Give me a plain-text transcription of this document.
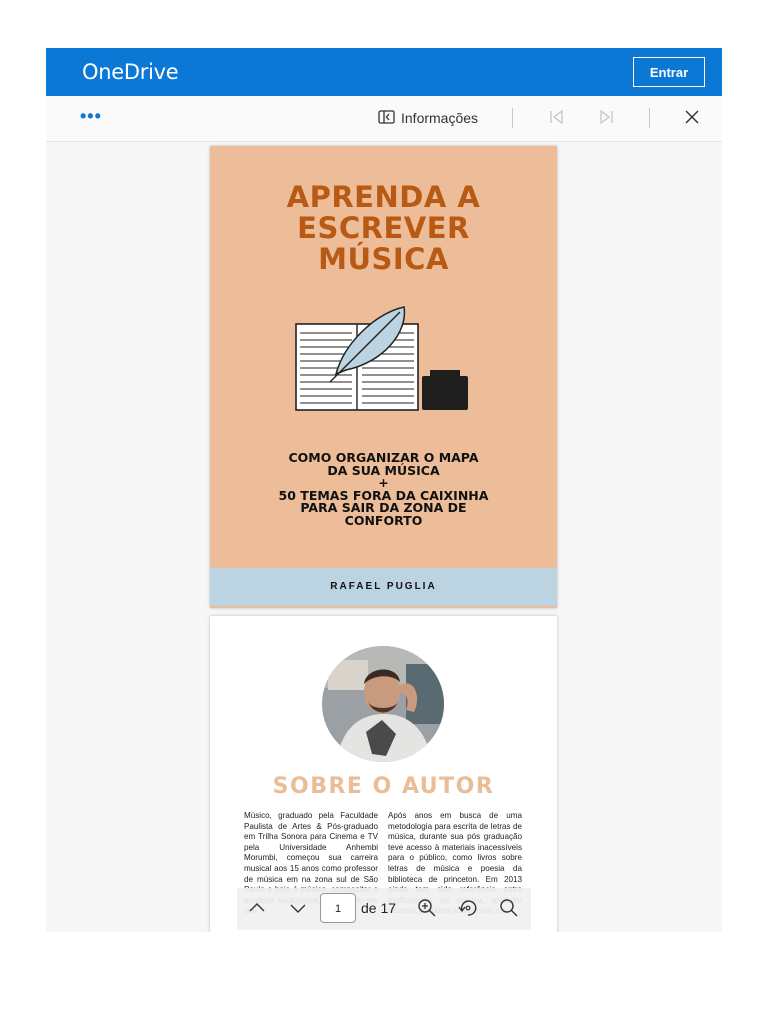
OneDrive	Entrar
•••	Informações
APRENDA A
ESCREVER
MÚSICA
COMO ORGANIZAR O MAPA
DA SUA MÚSICA
+
50 TEMAS FORA DA CAIXINHA
PARA SAIR DA ZONA DE
CONFORTO
RAFAEL PUGLIA
SOBRE O AUTOR
Músico, graduado pela Faculdade Paulista de Artes & Pós-graduado em Trilha Sonora para Cinema e TV pela Universidade Anhembi Morumbi, começou sua carreira musical aos 15 anos como professor de música em na zona sul de São
Após anos em busca de uma metodologia para escrita de letras de música, durante sua pós graduação teve acesso à materiais inacessíveis para o público, como livros sobre letras de música e poesia da biblioteca de princeton. Em 2013
1	de 17
